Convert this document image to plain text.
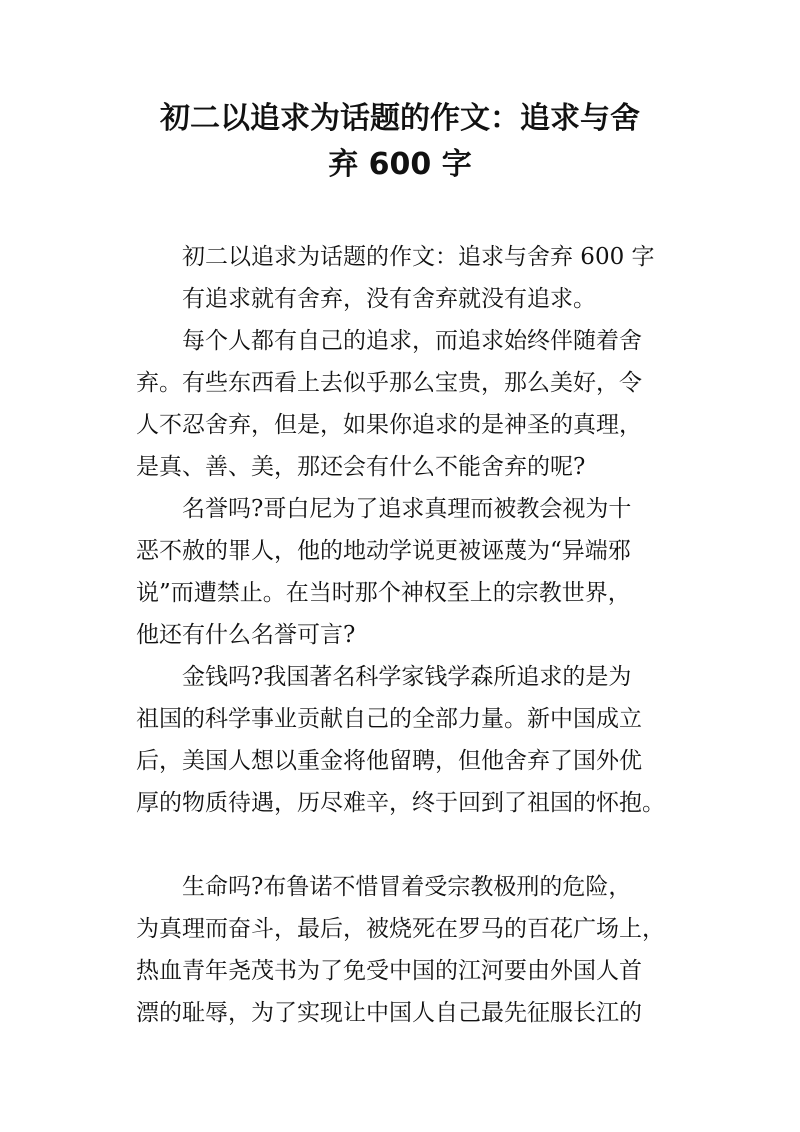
初二以追求为话题的作文：追求与舍
弃 600 字
初二以追求为话题的作文：追求与舍弃 600 字
有追求就有舍弃，没有舍弃就没有追求。
每个人都有自己的追求，而追求始终伴随着舍
弃。有些东西看上去似乎那么宝贵，那么美好，令
人不忍舍弃，但是，如果你追求的是神圣的真理，
是真、善、美，那还会有什么不能舍弃的呢?
名誉吗?哥白尼为了追求真理而被教会视为十
恶不赦的罪人，他的地动学说更被诬蔑为“异端邪
说”而遭禁止。在当时那个神权至上的宗教世界，
他还有什么名誉可言?
金钱吗?我国著名科学家钱学森所追求的是为
祖国的科学事业贡献自己的全部力量。新中国成立
后，美国人想以重金将他留聘，但他舍弃了国外优
厚的物质待遇，历尽难辛，终于回到了祖国的怀抱。
生命吗?布鲁诺不惜冒着受宗教极刑的危险，
为真理而奋斗，最后，被烧死在罗马的百花广场上，
热血青年尧茂书为了免受中国的江河要由外国人首
漂的耻辱，为了实现让中国人自己最先征服长江的
